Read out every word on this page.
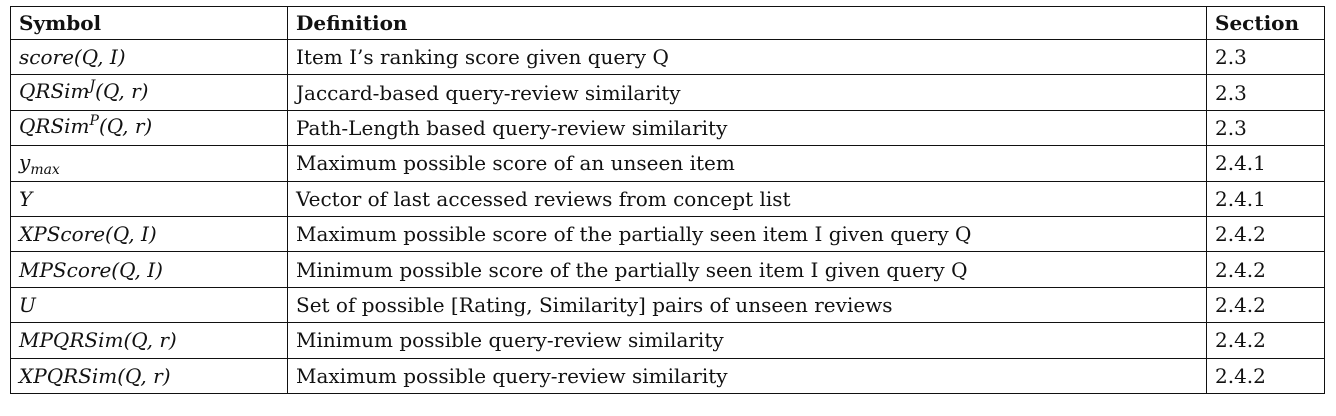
Symbol	Definition	Section
score(Q, I)	Item I’s ranking score given query Q	2.3
QRSim$^J$(Q, r)	Jaccard-based query-review similarity	2.3
QRSim$^P$(Q, r)	Path-Length based query-review similarity	2.3
$y_{max}$	Maximum possible score of an unseen item	2.4.1
Y	Vector of last accessed reviews from concept list	2.4.1
XPScore(Q, I)	Maximum possible score of the partially seen item I given query Q	2.4.2
MPScore(Q, I)	Minimum possible score of the partially seen item I given query Q	2.4.2
U	Set of possible [Rating, Similarity] pairs of unseen reviews	2.4.2
MPQRSim(Q, r)	Minimum possible query-review similarity	2.4.2
XPQRSim(Q, r)	Maximum possible query-review similarity	2.4.2
